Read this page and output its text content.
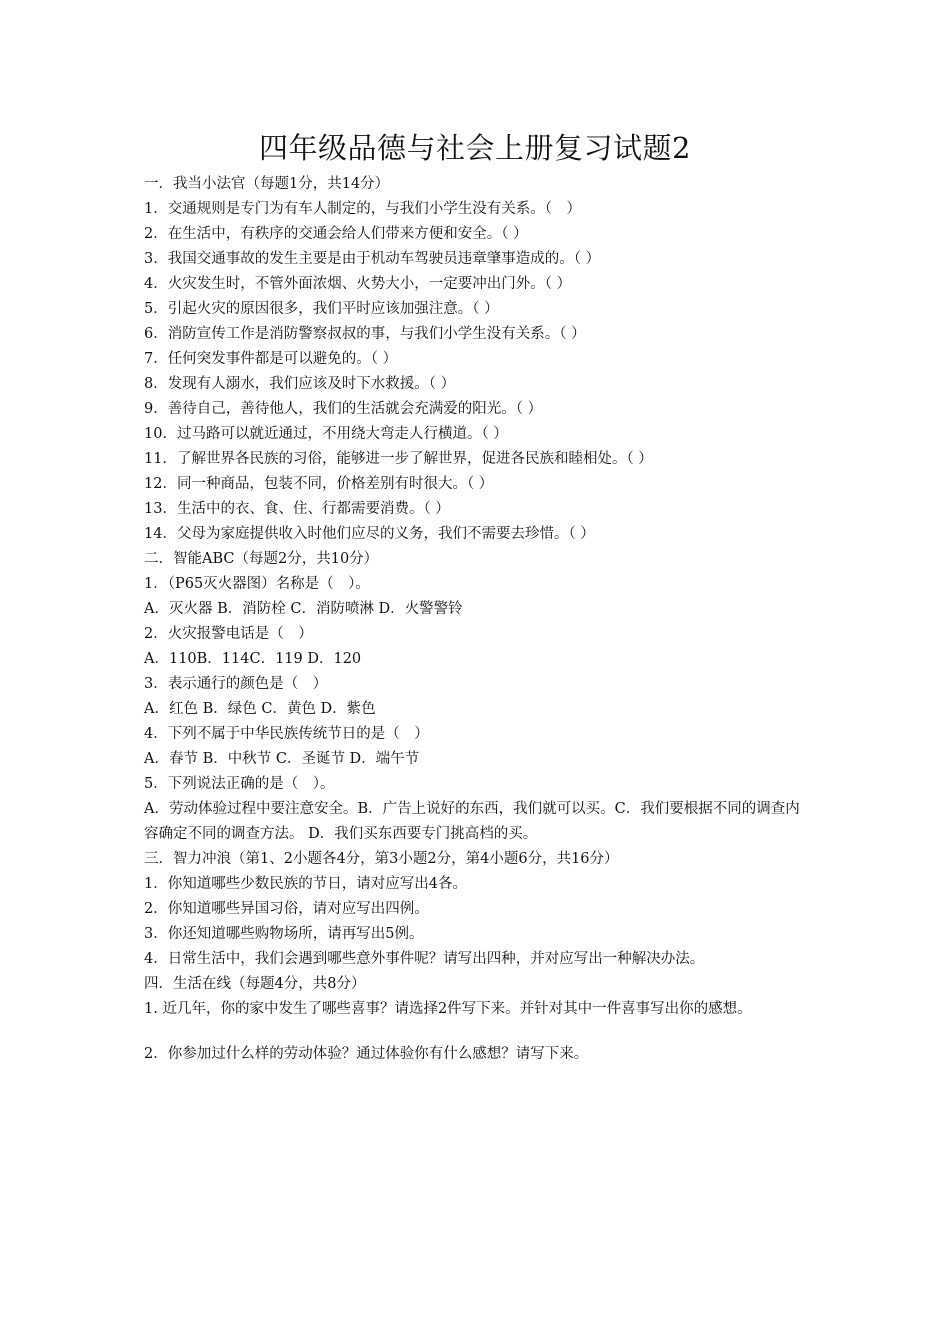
四年级品德与社会上册复习试题2
一．我当小法官（每题1分，共14分）
1．交通规则是专门为有车人制定的，与我们小学生没有关系。（　）
2．在生活中，有秩序的交通会给人们带来方便和安全。（ ）
3．我国交通事故的发生主要是由于机动车驾驶员违章肇事造成的。（ ）
4．火灾发生时，不管外面浓烟、火势大小，一定要冲出门外。（ ）
5．引起火灾的原因很多，我们平时应该加强注意。（ ）
6．消防宣传工作是消防警察叔叔的事，与我们小学生没有关系。（ ）
7．任何突发事件都是可以避免的。（ ）
8．发现有人溺水，我们应该及时下水救援。（ ）
9．善待自己，善待他人，我们的生活就会充满爱的阳光。（ ）
10．过马路可以就近通过，不用绕大弯走人行横道。（ ）
11．了解世界各民族的习俗，能够进一步了解世界，促进各民族和睦相处。（ ）
12．同一种商品，包装不同，价格差别有时很大。（ ）
13．生活中的衣、食、住、行都需要消费。（ ）
14．父母为家庭提供收入时他们应尽的义务，我们不需要去珍惜。（ ）
二．智能ABC（每题2分，共10分）
1．（P65灭火器图）名称是（　）。
A．灭火器 B．消防栓 C．消防喷淋 D．火警警铃
2．火灾报警电话是（　）
A．110B．114C．119 D．120
3．表示通行的颜色是（　）
A．红色 B．绿色 C．黄色 D．紫色
4．下列不属于中华民族传统节日的是（　）
A．春节 B．中秋节 C．圣诞节 D．端午节
5．下列说法正确的是（　）。
A．劳动体验过程中要注意安全。B．广告上说好的东西，我们就可以买。C．我们要根据不同的调查内容确定不同的调查方法。 D．我们买东西要专门挑高档的买。
三．智力冲浪（第1、2小题各4分，第3小题2分，第4小题6分，共16分）
1．你知道哪些少数民族的节日，请对应写出4各。
2．你知道哪些异国习俗，请对应写出四例。
3．你还知道哪些购物场所，请再写出5例。
4．日常生活中，我们会遇到哪些意外事件呢？请写出四种，并对应写出一种解决办法。
四．生活在线（每题4分，共8分）
1. 近几年，你的家中发生了哪些喜事？请选择2件写下来。并针对其中一件喜事写出你的感想。
2．你参加过什么样的劳动体验？通过体验你有什么感想？请写下来。
